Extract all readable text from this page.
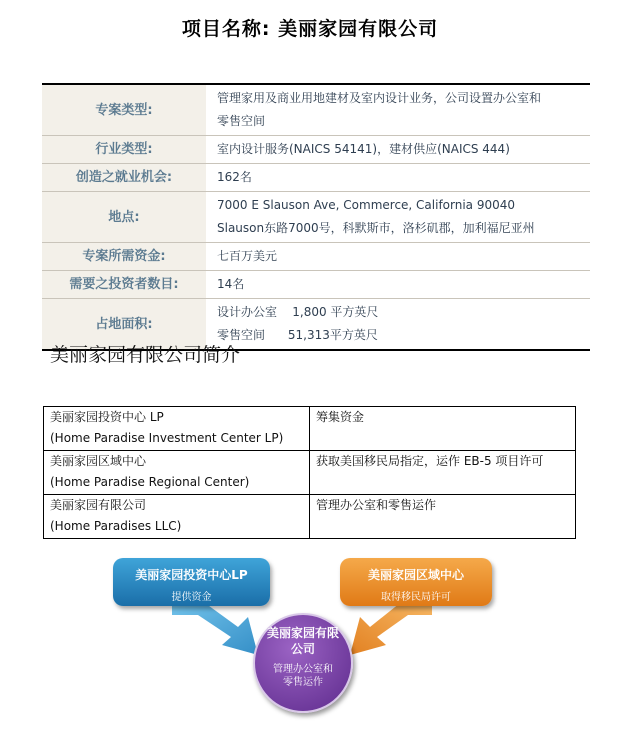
项目名称: 美丽家园有限公司
专案类型:	管理家用及商业用地建材及室内设计业务，公司设置办公室和
零售空间

行业类型:	室内设计服务(NAICS 54141)，建材供应(NAICS 444)

创造之就业机会:	162名

地点:	7000 E Slauson Ave, Commerce, California 90040
Slauson东路7000号，科默斯市，洛杉矶郡，加利福尼亚州

专案所需资金:	七百万美元

需要之投资者数目:	14名

占地面积:	设计办公室    1,800 平方英尺
零售空间      51,313平方英尺
美丽家园有限公司简介
美丽家园投资中心 LP
(Home Paradise Investment Center LP)	筹集资金

美丽家园区域中心
(Home Paradise Regional Center)	获取美国移民局指定，运作 EB-5 项目许可

美丽家园有限公司
(Home Paradises LLC)	管理办公室和零售运作
美丽家园投资中心LP
提供资金
美丽家园区域中心
取得移民局许可
美丽家园有限公司
管理办公室和零售运作
